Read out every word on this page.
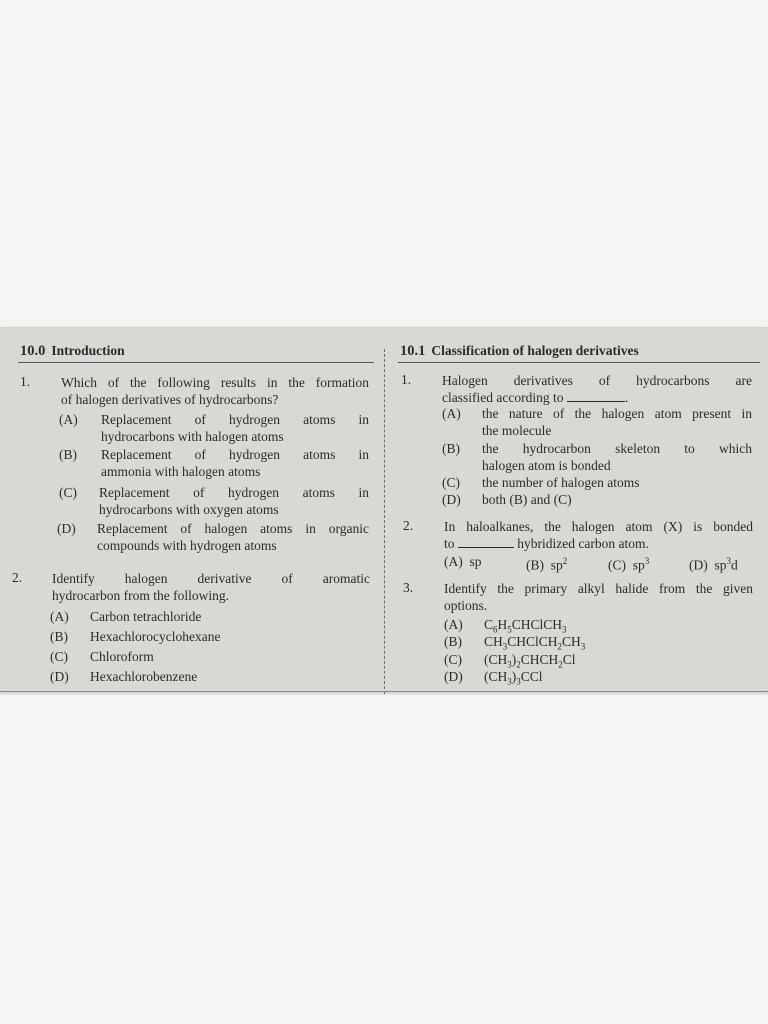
10.0 Introduction
1. Which of the following results in the formation
of halogen derivatives of hydrocarbons?
(A)	Replacement of hydrogen atoms in
hydrocarbons with halogen atoms
(B)	Replacement of hydrogen atoms in
ammonia with halogen atoms
(C)	Replacement of hydrogen atoms in
hydrocarbons with oxygen atoms
(D)	Replacement of halogen atoms in organic
compounds with hydrogen atoms
2. Identify halogen derivative of aromatic
hydrocarbon from the following.
(A) Carbon tetrachloride
(B) Hexachlorocyclohexane
(C) Chloroform
(D) Hexachlorobenzene
10.1 Classification of halogen derivatives
1. Halogen derivatives of hydrocarbons are
classified according to	.
(A)	the nature of the halogen atom present in
the molecule
(B)	the hydrocarbon skeleton to which
halogen atom is bonded
(C) the number of halogen atoms
(D) both (B) and (C)
2. In haloalkanes, the halogen atom (X) is bonded
to	hybridized carbon atom.
(A) sp	(B) $sp^2$	(C) $sp^3$	(D) $sp^3d$
3. Identify the primary alkyl halide from the given
options.
(A) $C_6H_5CHClCH_3$
(B) $CH_3CHClCH_2CH_3$
(C) $(CH_3)_2CHCH_2Cl$
(D) $(CH_3)_3CCl$
